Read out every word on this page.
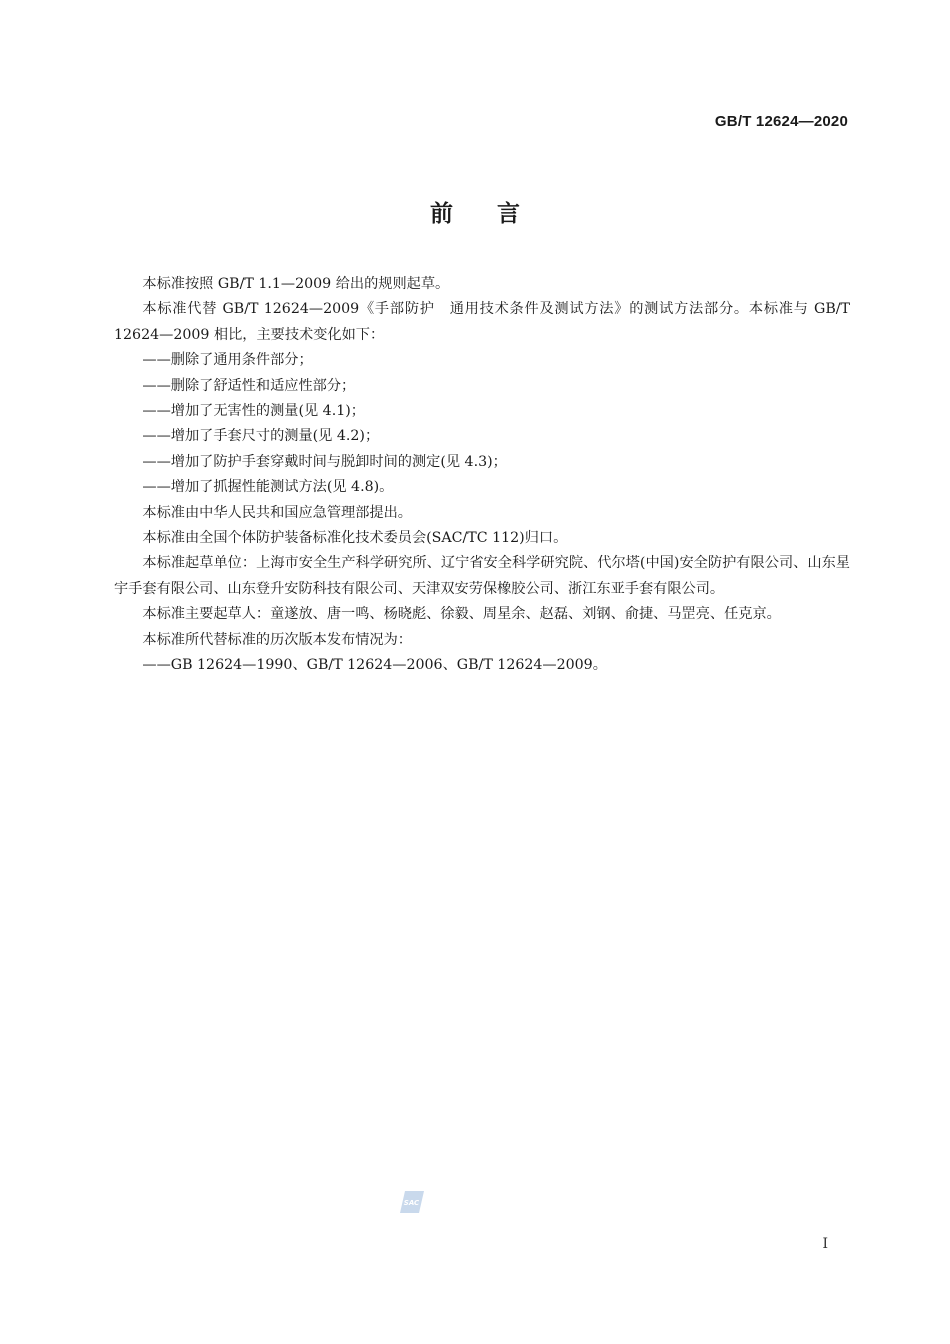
GB/T 12624—2020
前言

本标准按照 GB/T 1.1—2009 给出的规则起草。

本标准代替 GB/T 12624—2009《手部防护　通用技术条件及测试方法》的测试方法部分。本标准与 GB/T 12624—2009 相比，主要技术变化如下：

——删除了通用条件部分；

——删除了舒适性和适应性部分；

——增加了无害性的测量(见 4.1)；

——增加了手套尺寸的测量(见 4.2)；

——增加了防护手套穿戴时间与脱卸时间的测定(见 4.3)；

——增加了抓握性能测试方法(见 4.8)。

本标准由中华人民共和国应急管理部提出。

本标准由全国个体防护装备标准化技术委员会(SAC/TC 112)归口。

本标准起草单位：上海市安全生产科学研究所、辽宁省安全科学研究院、代尔塔(中国)安全防护有限公司、山东星宇手套有限公司、山东登升安防科技有限公司、天津双安劳保橡胶公司、浙江东亚手套有限公司。

本标准主要起草人：童遂放、唐一鸣、杨晓彪、徐毅、周星余、赵磊、刘钢、俞捷、马罡亮、任克京。

本标准所代替标准的历次版本发布情况为：

——GB 12624—1990、GB/T 12624—2006、GB/T 12624—2009。

SAC
I
